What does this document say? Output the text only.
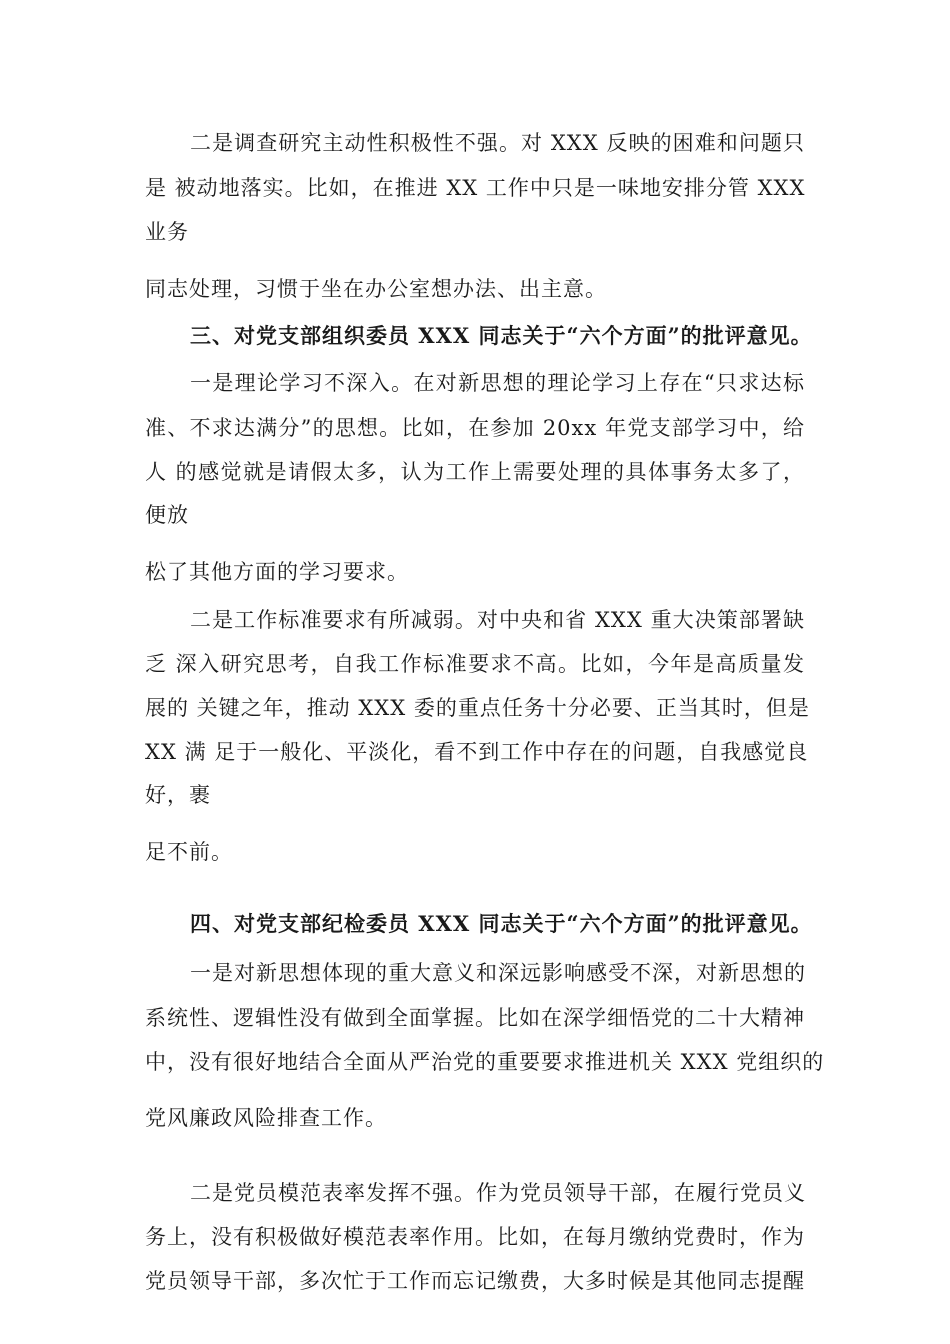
二是调查研究主动性积极性不强。对 XXX 反映的困难和问题只

是 被动地落实。比如，在推进 XX 工作中只是一味地安排分管 XXX

业务

同志处理，习惯于坐在办公室想办法、出主意。

三、对党支部组织委员 XXX 同志关于“六个方面”的批评意见。

一是理论学习不深入。在对新思想的理论学习上存在“只求达标

准、不求达满分”的思想。比如，在参加 20xx 年党支部学习中，给

人 的感觉就是请假太多，认为工作上需要处理的具体事务太多了，

便放

松了其他方面的学习要求。

二是工作标准要求有所减弱。对中央和省 XXX 重大决策部署缺

乏 深入研究思考，自我工作标准要求不高。比如，今年是高质量发

展的 关键之年，推动 XXX 委的重点任务十分必要、正当其时，但是

XX 满 足于一般化、平淡化，看不到工作中存在的问题，自我感觉良

好，裹

足不前。

四、对党支部纪检委员 XXX 同志关于“六个方面”的批评意见。

一是对新思想体现的重大意义和深远影响感受不深，对新思想的

系统性、逻辑性没有做到全面掌握。比如在深学细悟党的二十大精神

中，没有很好地结合全面从严治党的重要要求推进机关 XXX 党组织的

党风廉政风险排查工作。

二是党员模范表率发挥不强。作为党员领导干部，在履行党员义

务上，没有积极做好模范表率作用。比如，在每月缴纳党费时，作为

党员领导干部，多次忙于工作而忘记缴费，大多时候是其他同志提醒
